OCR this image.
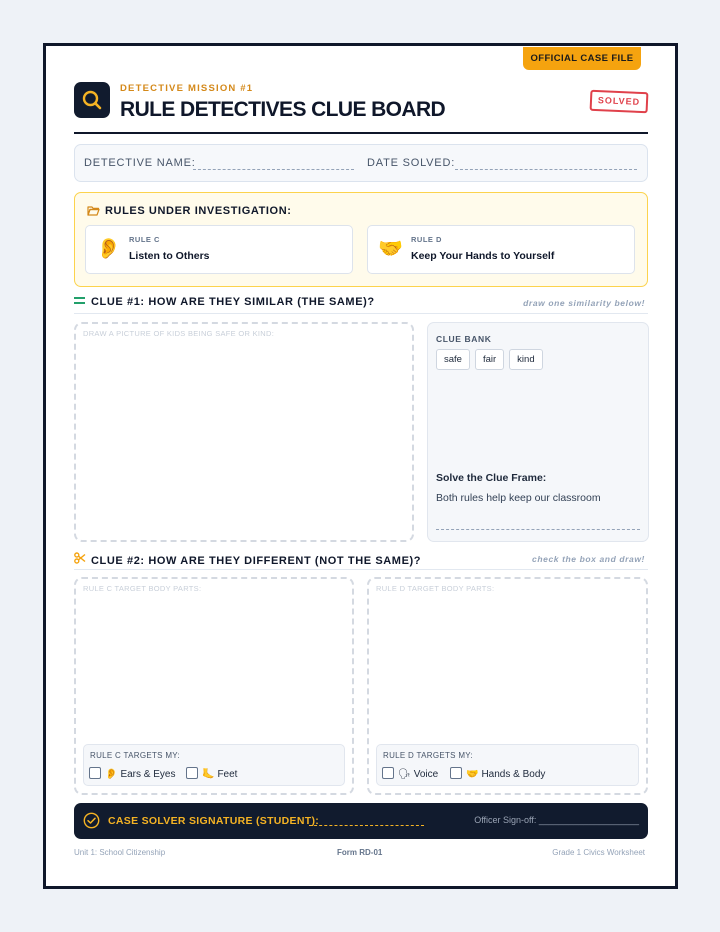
OFFICIAL CASE FILE
DETECTIVE MISSION #1
RULE DETECTIVES CLUE BOARD	SOLVED
DETECTIVE NAME:	DATE SOLVED:
RULES UNDER INVESTIGATION:
👂 RULE C
Listen to Others	🤝 RULE D
Keep Your Hands to Yourself
CLUE #1: HOW ARE THEY SIMILAR (THE SAME)?	draw one similarity below!
DRAW A PICTURE OF KIDS BEING SAFE OR KIND:
CLUE BANK
safe	fair	kind
Solve the Clue Frame:
Both rules help keep our classroom
CLUE #2: HOW ARE THEY DIFFERENT (NOT THE SAME)?	check the box and draw!
RULE C TARGET BODY PARTS:
RULE C TARGETS MY:
👂 Ears & Eyes	🦶 Feet
RULE D TARGET BODY PARTS:
RULE D TARGETS MY:
🗣 Voice	🤝 Hands & Body
CASE SOLVER SIGNATURE (STUDENT):	Officer Sign-off: ____________________
Unit 1: School Citizenship	Form RD-01	Grade 1 Civics Worksheet
